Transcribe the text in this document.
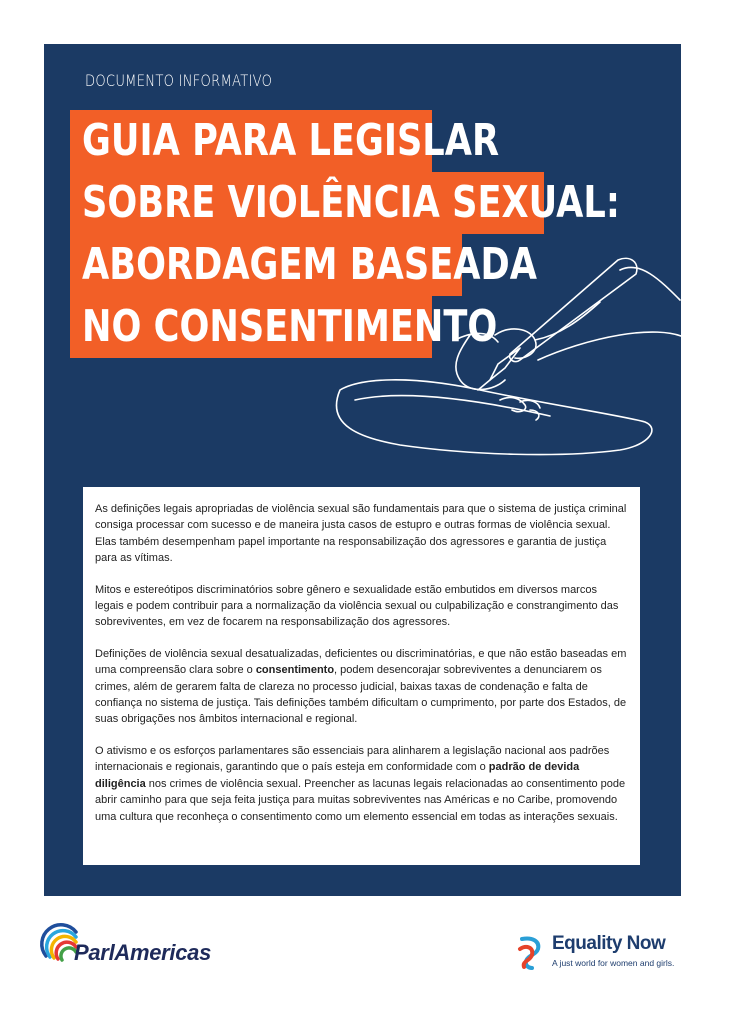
DOCUMENTO INFORMATIVO
GUIA PARA LEGISLAR
SOBRE VIOLÊNCIA SEXUAL:
ABORDAGEM BASEADA
NO CONSENTIMENTO

As definições legais apropriadas de violência sexual são fundamentais para que o sistema de justiça criminal consiga processar com sucesso e de maneira justa casos de estupro e outras formas de violência sexual. Elas também desempenham papel importante na responsabilização dos agressores e garantia de justiça para as vítimas.

Mitos e estereótipos discriminatórios sobre gênero e sexualidade estão embutidos em diversos marcos legais e podem contribuir para a normalização da violência sexual ou culpabilização e constrangimento das sobreviventes, em vez de focarem na responsabilização dos agressores.

Definições de violência sexual desatualizadas, deficientes ou discriminatórias, e que não estão baseadas em uma compreensão clara sobre o consentimento, podem desencorajar sobreviventes a denunciarem os crimes, além de gerarem falta de clareza no processo judicial, baixas taxas de condenação e falta de confiança no sistema de justiça. Tais definições também dificultam o cumprimento, por parte dos Estados, de suas obrigações nos âmbitos internacional e regional.

O ativismo e os esforços parlamentares são essenciais para alinharem a legislação nacional aos padrões internacionais e regionais, garantindo que o país esteja em conformidade com o padrão de devida diligência nos crimes de violência sexual. Preencher as lacunas legais relacionadas ao consentimento pode abrir caminho para que seja feita justiça para muitas sobreviventes nas Américas e no Caribe, promovendo uma cultura que reconheça o consentimento como um elemento essencial em todas as interações sexuais.

ParlAmericas	Equality Now
A just world for women and girls.
